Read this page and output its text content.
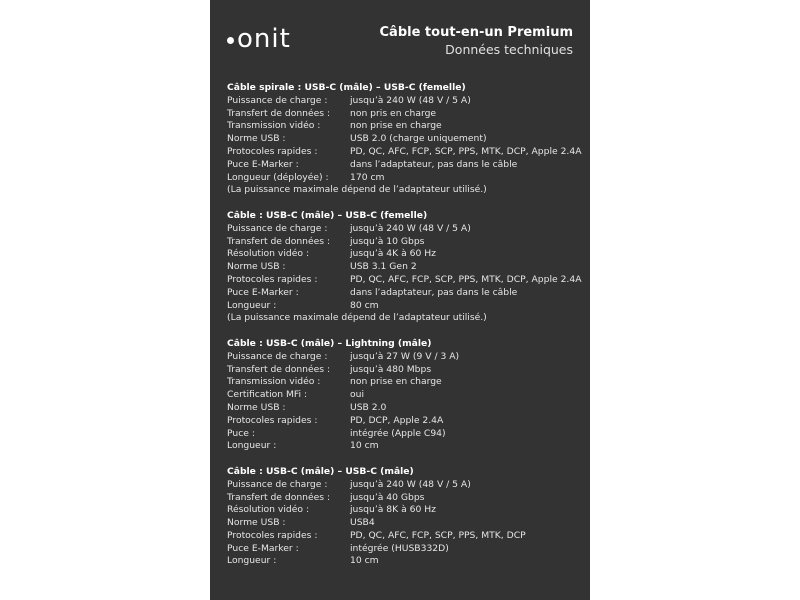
onit	Câble tout-en-un Premium
Données techniques
Câble spirale : USB-C (mâle) – USB-C (femelle)
Puissance de charge :	jusqu’à 240 W (48 V / 5 A)
Transfert de données :	non pris en charge
Transmission vidéo :	non prise en charge
Norme USB :	USB 2.0 (charge uniquement)
Protocoles rapides :	PD, QC, AFC, FCP, SCP, PPS, MTK, DCP, Apple 2.4A
Puce E-Marker :	dans l’adaptateur, pas dans le câble
Longueur (déployée) :	170 cm
(La puissance maximale dépend de l’adaptateur utilisé.)
Câble : USB-C (mâle) – USB-C (femelle)
Puissance de charge :	jusqu’à 240 W (48 V / 5 A)
Transfert de données :	jusqu’à 10 Gbps
Résolution vidéo :	jusqu’à 4K à 60 Hz
Norme USB :	USB 3.1 Gen 2
Protocoles rapides :	PD, QC, AFC, FCP, SCP, PPS, MTK, DCP, Apple 2.4A
Puce E-Marker :	dans l’adaptateur, pas dans le câble
Longueur :	80 cm
(La puissance maximale dépend de l’adaptateur utilisé.)
Câble : USB-C (mâle) – Lightning (mâle)
Puissance de charge :	jusqu’à 27 W (9 V / 3 A)
Transfert de données :	jusqu’à 480 Mbps
Transmission vidéo :	non prise en charge
Certification MFi :	oui
Norme USB :	USB 2.0
Protocoles rapides :	PD, DCP, Apple 2.4A
Puce :	intégrée (Apple C94)
Longueur :	10 cm
Câble : USB-C (mâle) – USB-C (mâle)
Puissance de charge :	jusqu’à 240 W (48 V / 5 A)
Transfert de données :	jusqu’à 40 Gbps
Résolution vidéo :	jusqu’à 8K à 60 Hz
Norme USB :	USB4
Protocoles rapides :	PD, QC, AFC, FCP, SCP, PPS, MTK, DCP
Puce E-Marker :	intégrée (HUSB332D)
Longueur :	10 cm
